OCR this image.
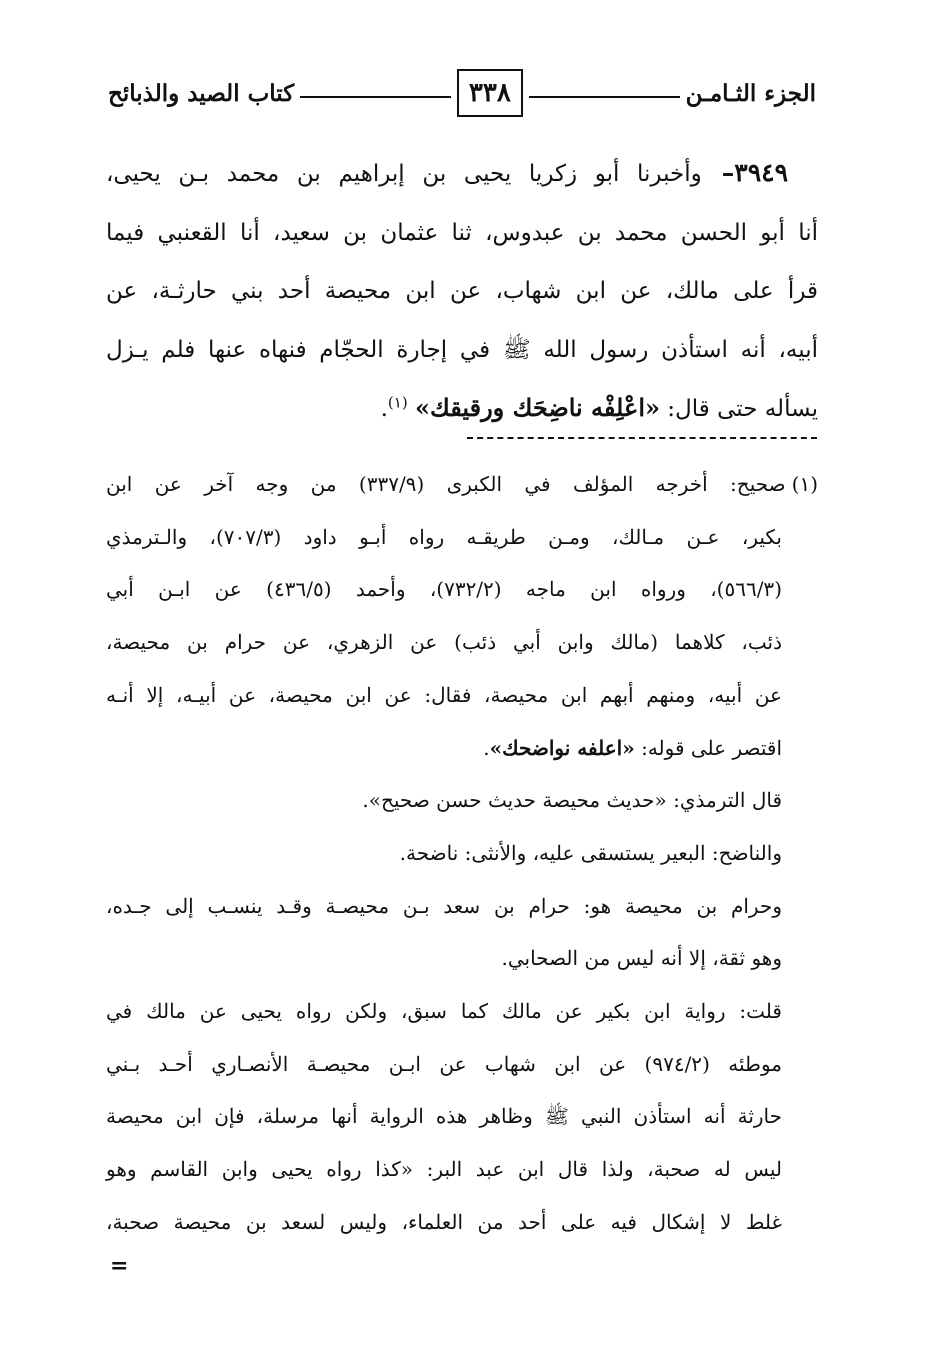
الجزء الثـامـن
٣٣٨
كتاب الصيد والذبائح

٣٩٤٩–وأخبرنا أبو زكريا يحيى بن إبراهيم بن محمد بـن يحيى،

أنا أبو الحسن محمد بن عبدوس، ثنا عثمان بن سعيد، أنا القعنبي فيما

قرأ على مالك، عن ابن شهاب، عن ابن محيصة أحد بني حارثـة، عن

أبيه، أنه استأذن رسول الله ﷺ في إجارة الحجّام فنهاه عنها فلم يـزل

يسأله حتى قال: «اعْلِفْه ناضِحَك ورقيقك» $^{(١)}$.

(١)صحيح: أخرجه المؤلف في الكبرى (٣٣٧/٩) من وجه آخر عن ابن

بكير، عـن مـالك، ومـن طريقـه رواه أبـو داود (٧٠٧/٣)، والـترمذي

(٥٦٦/٣)، ورواه ابن ماجه (٧٣٢/٢)، وأحمد (٤٣٦/٥) عن ابـن أبي

ذئب، كلاهما (مالك وابن أبي ذئب) عن الزهري، عن حرام بن محيصة،

عن أبيه، ومنهم أبهم ابن محيصة، فقال: عن ابن محيصة، عن أبيـه، إلا أنـه

اقتصر على قوله: «اعلفه نواضحك».

قال الترمذي: «حديث محيصة حديث حسن صحيح».

والناضح: البعير يستسقى عليه، والأنثى: ناضحة.

وحرام بن محيصة هو: حرام بن سعد بـن محيصـة وقـد ينسـب إلى جـده،

وهو ثقة، إلا أنه ليس من الصحابي.

قلت: رواية ابن بكير عن مالك كما سبق، ولكن رواه يحيى عن مالك في

موطئه (٩٧٤/٢) عن ابن شهاب عن ابـن محيصـة الأنصـاري أحـد بـني

حارثة أنه استأذن النبي ﷺ وظاهر هذه الرواية أنها مرسلة، فإن ابن محيصة

ليس له صحبة، ولذا قال ابن عبد البر: «كذا رواه يحيى وابن القاسم وهو

غلط لا إشكال فيه على أحد من العلماء، وليس لسعد بن محيصة صحبة،

=
